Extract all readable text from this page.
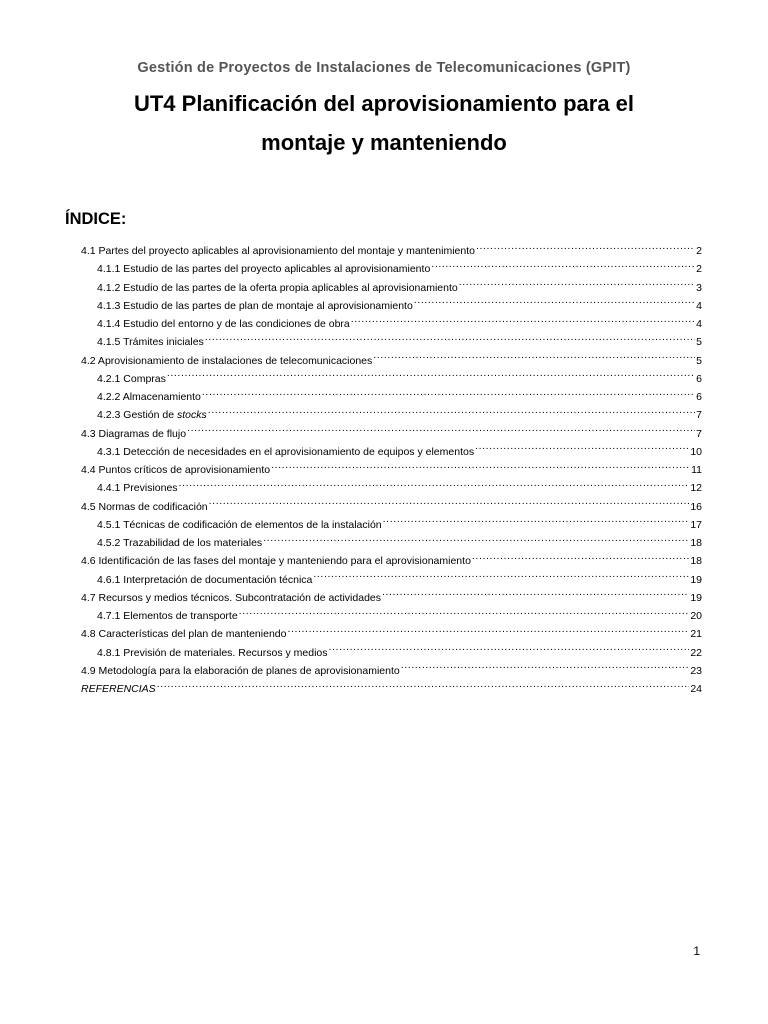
Gestión de Proyectos de Instalaciones de Telecomunicaciones (GPIT)
UT4 Planificación del aprovisionamiento para el
montaje y manteniendo
ÍNDICE:
4.1 Partes del proyecto aplicables al aprovisionamiento del montaje y mantenimiento .....	2
4.1.1 Estudio de las partes del proyecto aplicables al aprovisionamiento .....	2
4.1.2 Estudio de las partes de la oferta propia aplicables al aprovisionamiento .....	3
4.1.3 Estudio de las partes de plan de montaje al aprovisionamiento .....	4
4.1.4 Estudio del entorno y de las condiciones de obra .....	4
4.1.5 Trámites iniciales .....	5
4.2 Aprovisionamiento de instalaciones de telecomunicaciones .....	5
4.2.1 Compras .....	6
4.2.2 Almacenamiento .....	6
4.2.3 Gestión de stocks .....	7
4.3 Diagramas de flujo .....	7
4.3.1 Detección de necesidades en el aprovisionamiento de equipos y elementos .....	10
4.4 Puntos críticos de aprovisionamiento .....	11
4.4.1 Previsiones .....	12
4.5 Normas de codificación .....	16
4.5.1 Técnicas de codificación de elementos de la instalación .....	17
4.5.2 Trazabilidad de los materiales .....	18
4.6 Identificación de las fases del montaje y manteniendo para el aprovisionamiento .....	18
4.6.1 Interpretación de documentación técnica .....	19
4.7 Recursos y medios técnicos. Subcontratación de actividades .....	19
4.7.1 Elementos de transporte .....	20
4.8 Características del plan de manteniendo .....	21
4.8.1 Previsión de materiales. Recursos y medios .....	22
4.9 Metodología para la elaboración de planes de aprovisionamiento .....	23
REFERENCIAS .....	24
1
